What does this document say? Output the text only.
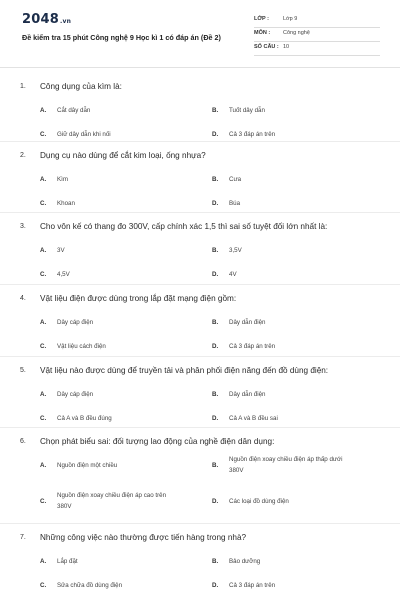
2048.vn
Đề kiểm tra 15 phút Công nghệ 9 Học kì 1 có đáp án (Đề 2)
LỚP :	Lớp 9
MÔN : Công nghệ
SỐ CÂU : 10
1. Công dụng của kìm là:
A. Cắt dây dẫn	B. Tuốt dây dẫn
C. Giữ dây dẫn khi nối	D. Cả 3 đáp án trên
2. Dụng cụ nào dùng để cắt kim loại, ống nhựa?
A. Kìm	B. Cưa
C. Khoan	D. Búa
3. Cho vôn kế có thang đo 300V, cấp chính xác 1,5 thì sai số tuyệt đối lớn nhất là:
A. 3V	B. 3,5V
C. 4,5V	D. 4V
4. Vật liệu điện được dùng trong lắp đặt mạng điện gồm:
A. Dây cáp điện	B. Dây dẫn điện
C. Vật liệu cách điện	D. Cả 3 đáp án trên
5. Vật liệu nào được dùng để truyền tải và phân phối điện năng đến đồ dùng điện:
A. Dây cáp điện	B. Dây dẫn điện
C. Cả A và B đều đúng	D. Cả A và B đều sai
6. Chọn phát biểu sai: đối tượng lao động của nghề điện dân dụng:
A. Nguồn điện một chiều	B.
Nguồn điện xoay chiều điện áp thấp dưới
380V
C.
Nguồn điện xoay chiều điện áp cao trên
380V
D. Các loại đồ dùng điện
7. Những công việc nào thường được tiến hàng trong nhà?
A. Lắp đặt	B. Bảo dưỡng
C. Sửa chữa đồ dùng điện	D. Cả 3 đáp án trên
